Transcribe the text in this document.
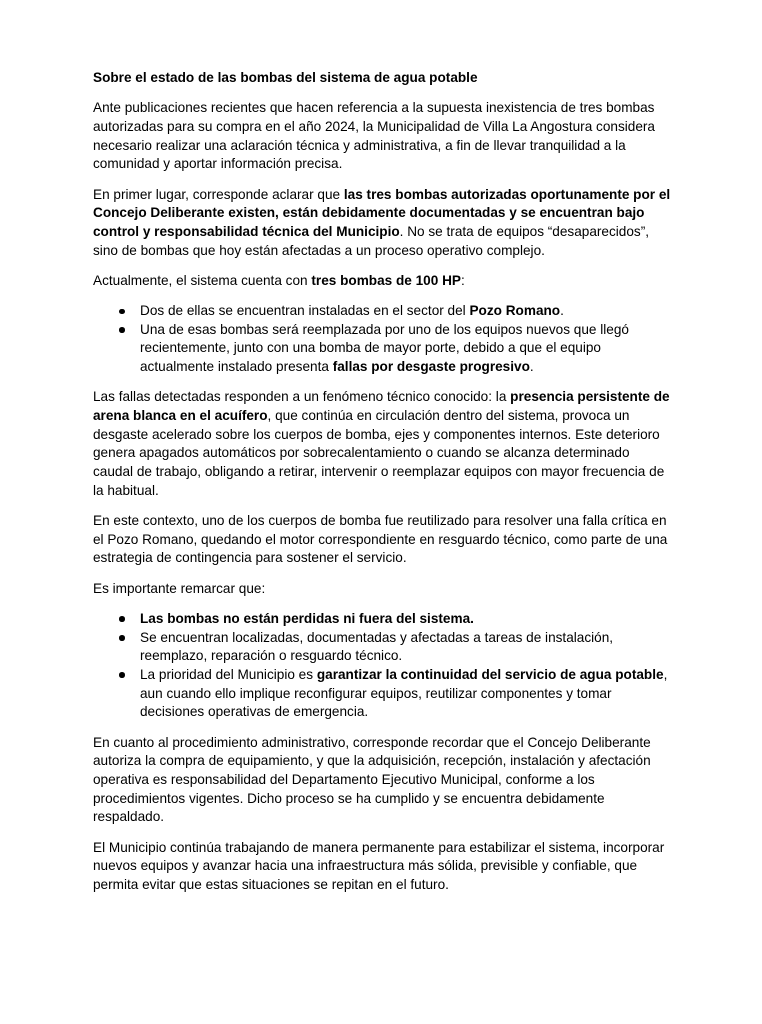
Sobre el estado de las bombas del sistema de agua potable

Ante publicaciones recientes que hacen referencia a la supuesta inexistencia de tres bombas autorizadas para su compra en el año 2024, la Municipalidad de Villa La Angostura considera necesario realizar una aclaración técnica y administrativa, a fin de llevar tranquilidad a la comunidad y aportar información precisa.

En primer lugar, corresponde aclarar que las tres bombas autorizadas oportunamente por el Concejo Deliberante existen, están debidamente documentadas y se encuentran bajo control y responsabilidad técnica del Municipio. No se trata de equipos “desaparecidos”, sino de bombas que hoy están afectadas a un proceso operativo complejo.

Actualmente, el sistema cuenta con tres bombas de 100 HP:

Dos de ellas se encuentran instaladas en el sector del Pozo Romano.
Una de esas bombas será reemplazada por uno de los equipos nuevos que llegó recientemente, junto con una bomba de mayor porte, debido a que el equipo actualmente instalado presenta fallas por desgaste progresivo.

Las fallas detectadas responden a un fenómeno técnico conocido: la presencia persistente de arena blanca en el acuífero, que continúa en circulación dentro del sistema, provoca un desgaste acelerado sobre los cuerpos de bomba, ejes y componentes internos. Este deterioro genera apagados automáticos por sobrecalentamiento o cuando se alcanza determinado caudal de trabajo, obligando a retirar, intervenir o reemplazar equipos con mayor frecuencia de la habitual.

En este contexto, uno de los cuerpos de bomba fue reutilizado para resolver una falla crítica en el Pozo Romano, quedando el motor correspondiente en resguardo técnico, como parte de una estrategia de contingencia para sostener el servicio.

Es importante remarcar que:

Las bombas no están perdidas ni fuera del sistema.
Se encuentran localizadas, documentadas y afectadas a tareas de instalación, reemplazo, reparación o resguardo técnico.
La prioridad del Municipio es garantizar la continuidad del servicio de agua potable, aun cuando ello implique reconfigurar equipos, reutilizar componentes y tomar decisiones operativas de emergencia.

En cuanto al procedimiento administrativo, corresponde recordar que el Concejo Deliberante autoriza la compra de equipamiento, y que la adquisición, recepción, instalación y afectación operativa es responsabilidad del Departamento Ejecutivo Municipal, conforme a los procedimientos vigentes. Dicho proceso se ha cumplido y se encuentra debidamente respaldado.

El Municipio continúa trabajando de manera permanente para estabilizar el sistema, incorporar nuevos equipos y avanzar hacia una infraestructura más sólida, previsible y confiable, que permita evitar que estas situaciones se repitan en el futuro.
